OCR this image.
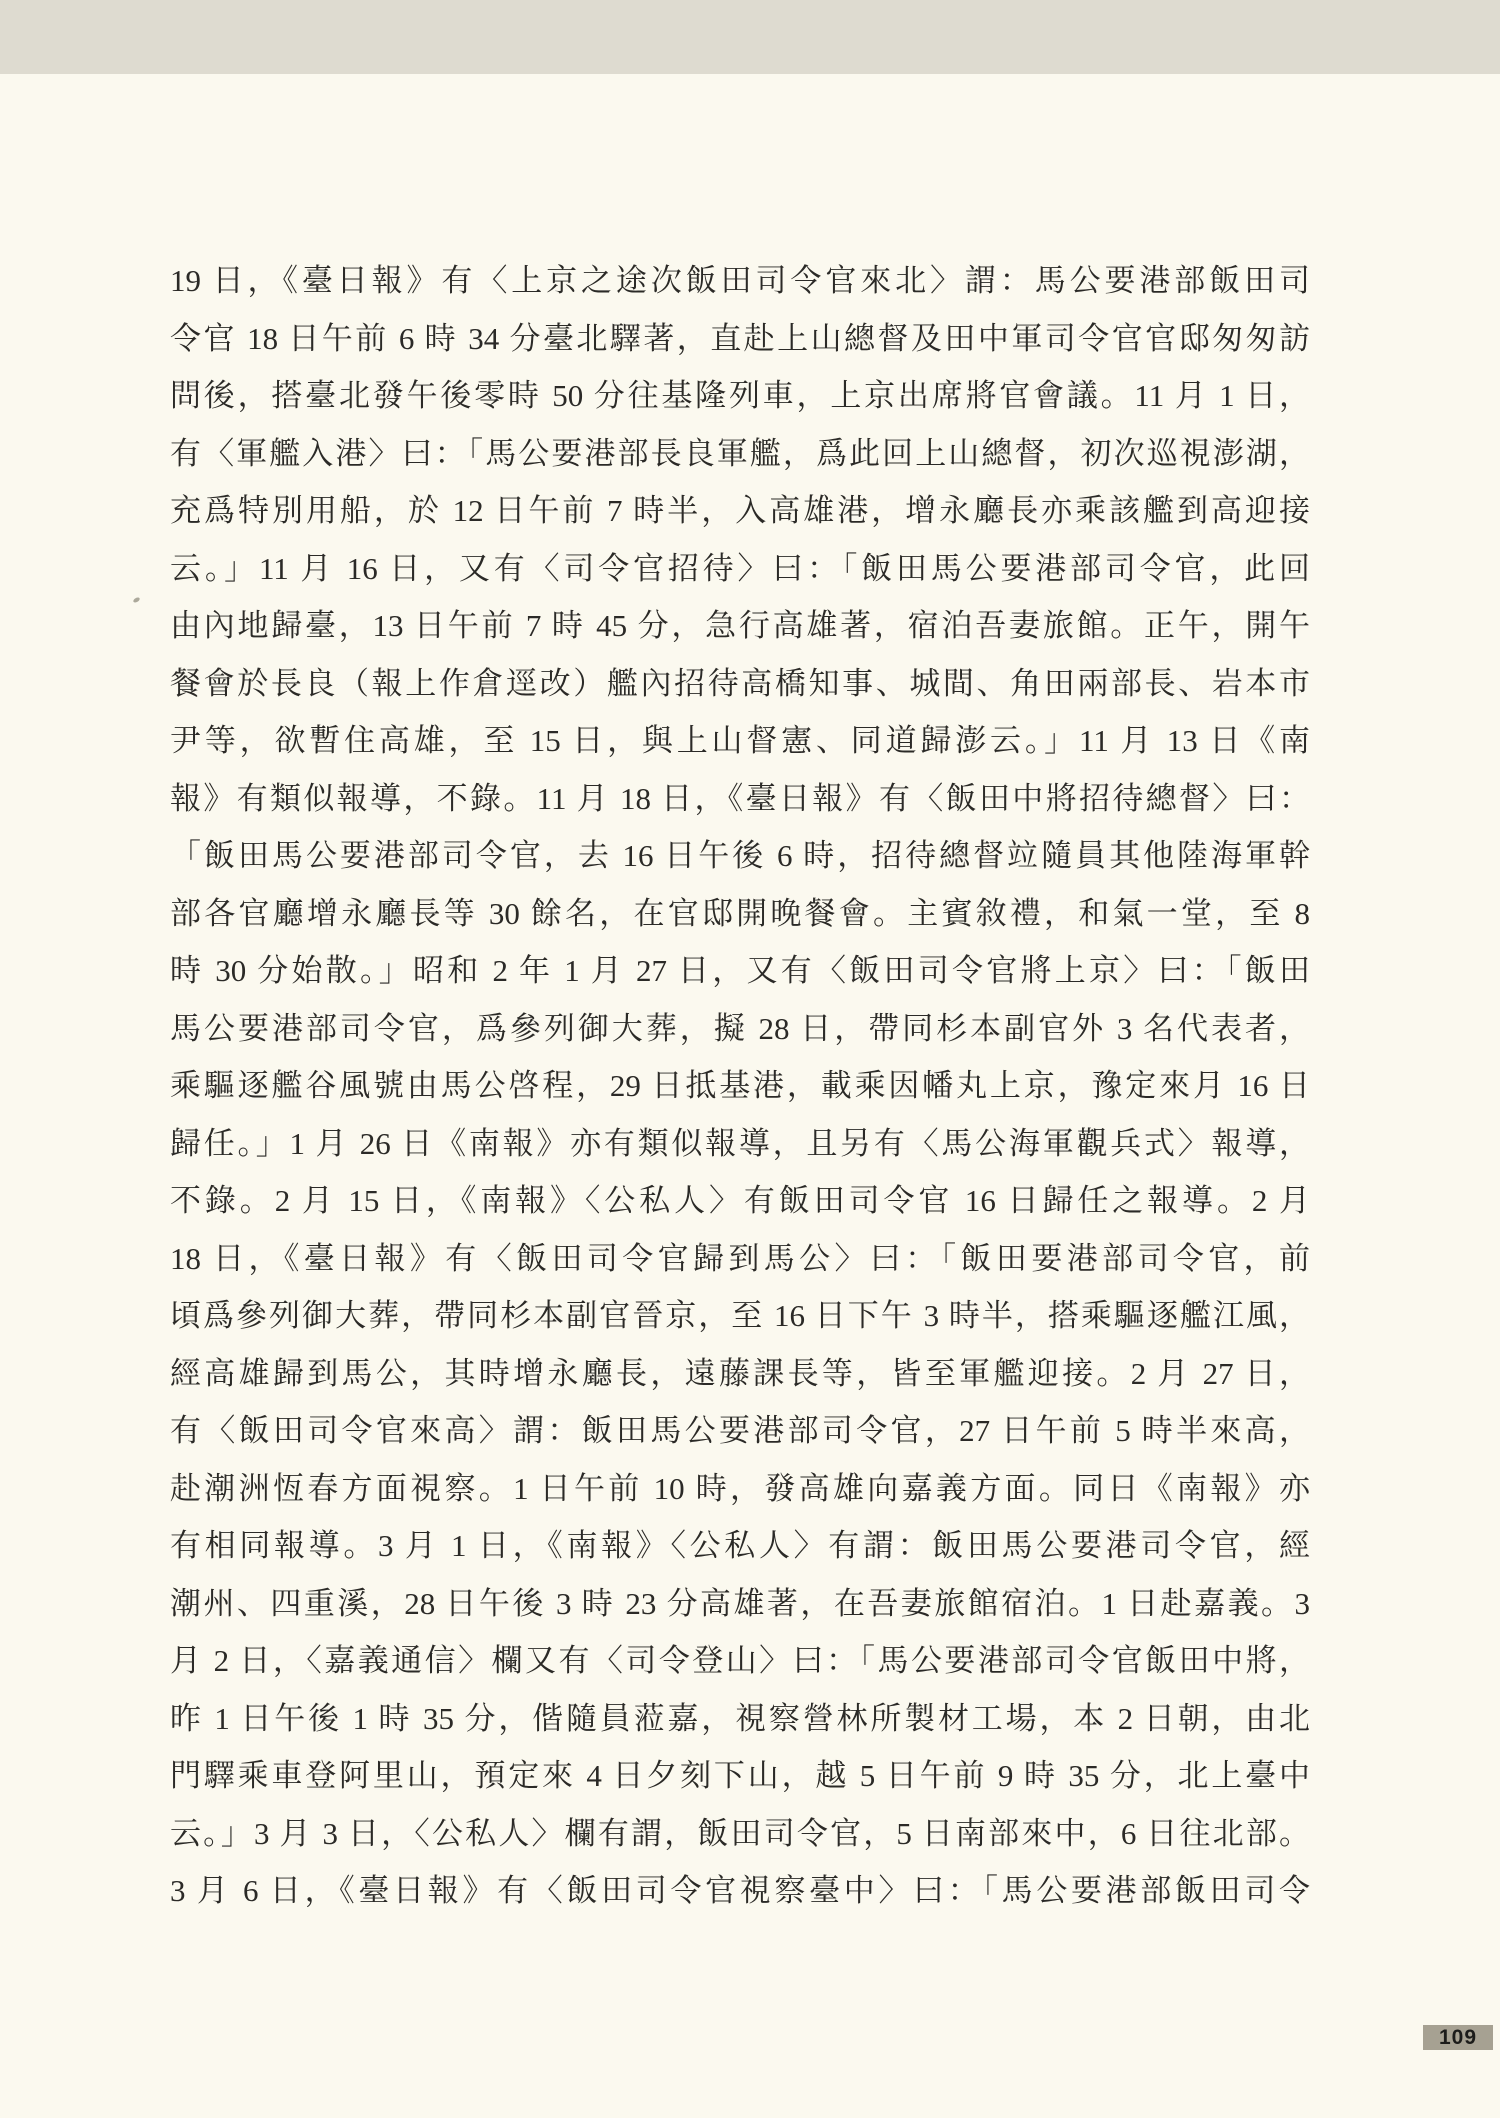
19 日，《臺日報》有〈上京之途次飯田司令官來北〉謂：馬公要港部飯田司
令官 18 日午前 6 時 34 分臺北驛著，直赴上山總督及田中軍司令官官邸匆匆訪
問後，搭臺北發午後零時 50 分往基隆列車，上京出席將官會議。11 月 1 日，
有〈軍艦入港〉曰：「馬公要港部長良軍艦，爲此回上山總督，初次巡視澎湖，
充爲特別用船，於 12 日午前 7 時半，入高雄港，增永廳長亦乘該艦到高迎接
云。」11 月 16 日，又有〈司令官招待〉曰：「飯田馬公要港部司令官，此回
由內地歸臺，13 日午前 7 時 45 分，急行高雄著，宿泊吾妻旅館。正午，開午
餐會於長良（報上作倉逕改）艦內招待高橋知事、城間、角田兩部長、岩本市
尹等，欲暫住高雄，至 15 日，與上山督憲、同道歸澎云。」11 月 13 日《南
報》有類似報導，不錄。11 月 18 日，《臺日報》有〈飯田中將招待總督〉曰：
「飯田馬公要港部司令官，去 16 日午後 6 時，招待總督竝隨員其他陸海軍幹
部各官廳增永廳長等 30 餘名，在官邸開晚餐會。主賓敘禮，和氣一堂，至 8
時 30 分始散。」昭和 2 年 1 月 27 日，又有〈飯田司令官將上京〉曰：「飯田
馬公要港部司令官，爲參列御大葬，擬 28 日，帶同杉本副官外 3 名代表者，
乘驅逐艦谷風號由馬公啓程，29 日抵基港，載乘因幡丸上京，豫定來月 16 日
歸任。」1 月 26 日《南報》亦有類似報導，且另有〈馬公海軍觀兵式〉報導，
不錄。2 月 15 日，《南報》〈公私人〉有飯田司令官 16 日歸任之報導。2 月
18 日，《臺日報》有〈飯田司令官歸到馬公〉曰：「飯田要港部司令官，前
頃爲參列御大葬，帶同杉本副官晉京，至 16 日下午 3 時半，搭乘驅逐艦江風，
經高雄歸到馬公，其時增永廳長，遠藤課長等，皆至軍艦迎接。2 月 27 日，
有〈飯田司令官來高〉謂：飯田馬公要港部司令官，27 日午前 5 時半來高，
赴潮洲恆春方面視察。1 日午前 10 時，發高雄向嘉義方面。同日《南報》亦
有相同報導。3 月 1 日，《南報》〈公私人〉有謂：飯田馬公要港司令官，經
潮州、四重溪，28 日午後 3 時 23 分高雄著，在吾妻旅館宿泊。1 日赴嘉義。3
月 2 日，〈嘉義通信〉欄又有〈司令登山〉曰：「馬公要港部司令官飯田中將，
昨 1 日午後 1 時 35 分，偕隨員蒞嘉，視察營林所製材工場，本 2 日朝，由北
門驛乘車登阿里山，預定來 4 日夕刻下山，越 5 日午前 9 時 35 分，北上臺中
云。」3 月 3 日，〈公私人〉欄有謂，飯田司令官，5 日南部來中，6 日往北部。
3 月 6 日，《臺日報》有〈飯田司令官視察臺中〉曰：「馬公要港部飯田司令
109
